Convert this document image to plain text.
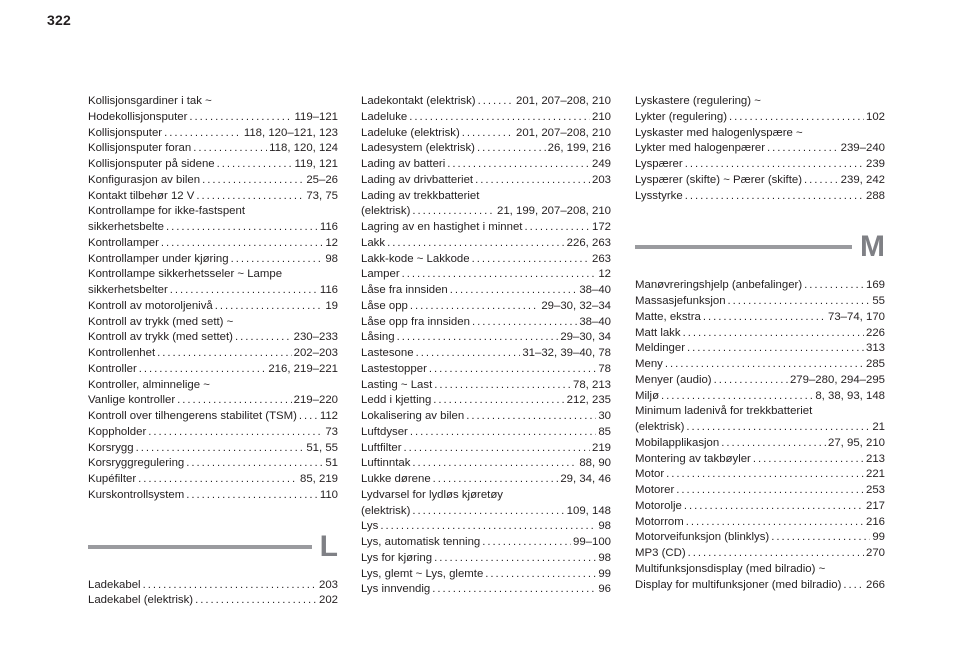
322
Kollisjonsgardiner i tak ~
Hodekollisjonsputer . . .	119–121
Kollisjonsputer . . .	118, 120–121, 123
Kollisjonsputer foran . . .	118, 120, 124
Kollisjonsputer på sidene . . .	119, 121
Konfigurasjon av bilen . . .	25–26
Kontakt tilbehør 12 V . . .	73, 75
Kontrollampe for ikke-fastspent
sikkerhetsbelte . . .	116
Kontrollamper . . .	12
Kontrollamper under kjøring . . .	98
Kontrollampe sikkerhetsseler ~ Lampe
sikkerhetsbelter . . .	116
Kontroll av motoroljenivå . . .	19
Kontroll av trykk (med sett) ~
Kontroll av trykk (med settet) . . .	230–233
Kontrollenhet . . .	202–203
Kontroller . . .	216, 219–221
Kontroller, alminnelige ~
Vanlige kontroller . . .	219–220
Kontroll over tilhengerens stabilitet (TSM) . . . 112
Koppholder . . .	73
Korsrygg . . .	51, 55
Korsryggregulering . . .	51
Kupéfilter . . .	85, 219
Kurskontrollsystem . . .	110
L
Ladekabel . . .	203
Ladekabel (elektrisk) . . .	202
Ladekontakt (elektrisk) . . .	201, 207–208, 210
Ladeluke . . .	210
Ladeluke (elektrisk) . . .	201, 207–208, 210
Ladesystem (elektrisk) . . .	26, 199, 216
Lading av batteri . . .	249
Lading av drivbatteriet . . .	203
Lading av trekkbatteriet
(elektrisk) . . .	21, 199, 207–208, 210
Lagring av en hastighet i minnet . . .	172
Lakk . . .	226, 263
Lakk-kode ~ Lakkode . . .	263
Lamper . . .	12
Låse fra innsiden . . .	38–40
Låse opp . . .	29–30, 32–34
Låse opp fra innsiden . . .	38–40
Låsing . . .	29–30, 34
Lastesone . . .	31–32, 39–40, 78
Lastestopper . . .	78
Lasting ~ Last . . .	78, 213
Ledd i kjetting . . .	212, 235
Lokalisering av bilen . . .	30
Luftdyser . . .	85
Luftfilter . . .	219
Luftinntak . . .	88, 90
Lukke dørene . . .	29, 34, 46
Lydvarsel for lydløs kjøretøy
(elektrisk) . . .	109, 148
Lys . . .	98
Lys, automatisk tenning . . .	99–100
Lys for kjøring . . .	98
Lys, glemt ~ Lys, glemte . . .	99
Lys innvendig . . .	96
Lyskastere (regulering) ~
Lykter (regulering) . . .	102
Lyskaster med halogenlyspære ~
Lykter med halogenpærer . . .	239–240
Lyspærer . . .	239
Lyspærer (skifte) ~ Pærer (skifte) . . .	239, 242
Lysstyrke . . .	288
M
Manøvreringshjelp (anbefalinger) . . .	169
Massasjefunksjon . . .	55
Matte, ekstra . . .	73–74, 170
Matt lakk . . .	226
Meldinger . . .	313
Meny . . .	285
Menyer (audio) . . .	279–280, 294–295
Miljø . . .	8, 38, 93, 148
Minimum ladenivå for trekkbatteriet
(elektrisk) . . .	21
Mobilapplikasjon . . .	27, 95, 210
Montering av takbøyler . . .	213
Motor . . .	221
Motorer . . .	253
Motorolje . . .	217
Motorrom . . .	216
Motorveifunksjon (blinklys) . . .	99
MP3 (CD) . . .	270
Multifunksjonsdisplay (med bilradio) ~
Display for multifunksjoner (med bilradio) . . . 266
